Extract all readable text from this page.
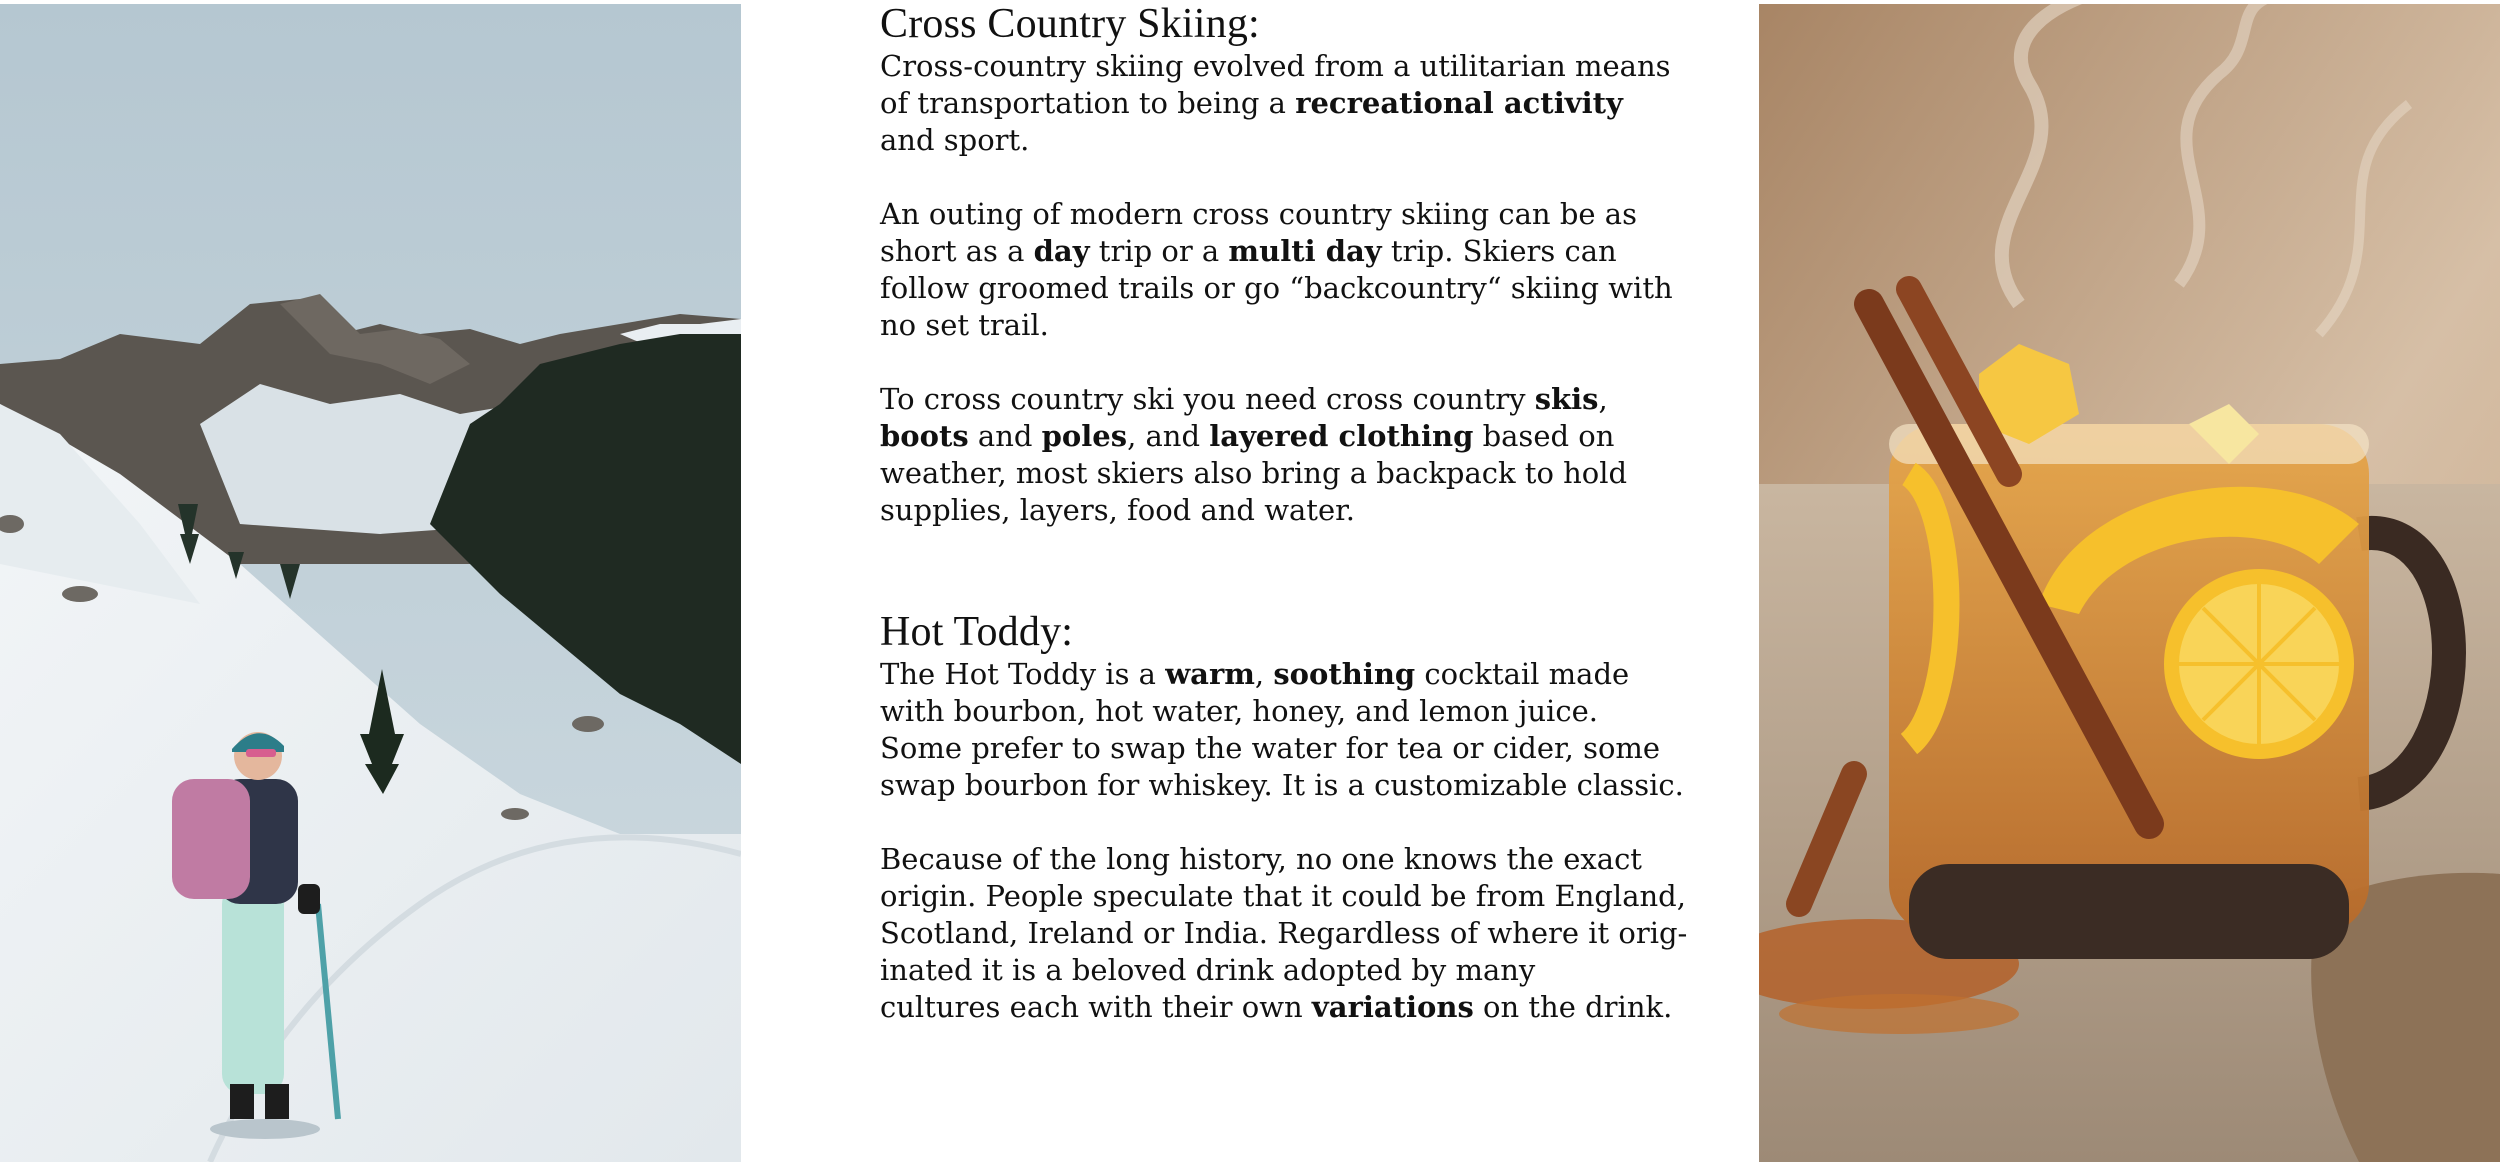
Cross Country Skiing:

Cross-country skiing evolved from a utilitarian means
of transportation to being a recreational activity
and sport.

An outing of modern cross country skiing can be as
short as a day trip or a multi day trip. Skiers can
follow groomed trails or go “backcountry“ skiing with
no set trail.

To cross country ski you need cross country skis,
boots and poles, and layered clothing based on
weather, most skiers also bring a backpack to hold
supplies, layers, food and water.

Hot Toddy:

The Hot Toddy is a warm, soothing cocktail made
with bourbon, hot water, honey, and lemon juice.
Some prefer to swap the water for tea or cider, some
swap bourbon for whiskey. It is a customizable classic.

Because of the long history, no one knows the exact
origin. People speculate that it could be from England,
Scotland, Ireland or India. Regardless of where it orig-
inated it is a beloved drink adopted by many
cultures each with their own variations on the drink.
